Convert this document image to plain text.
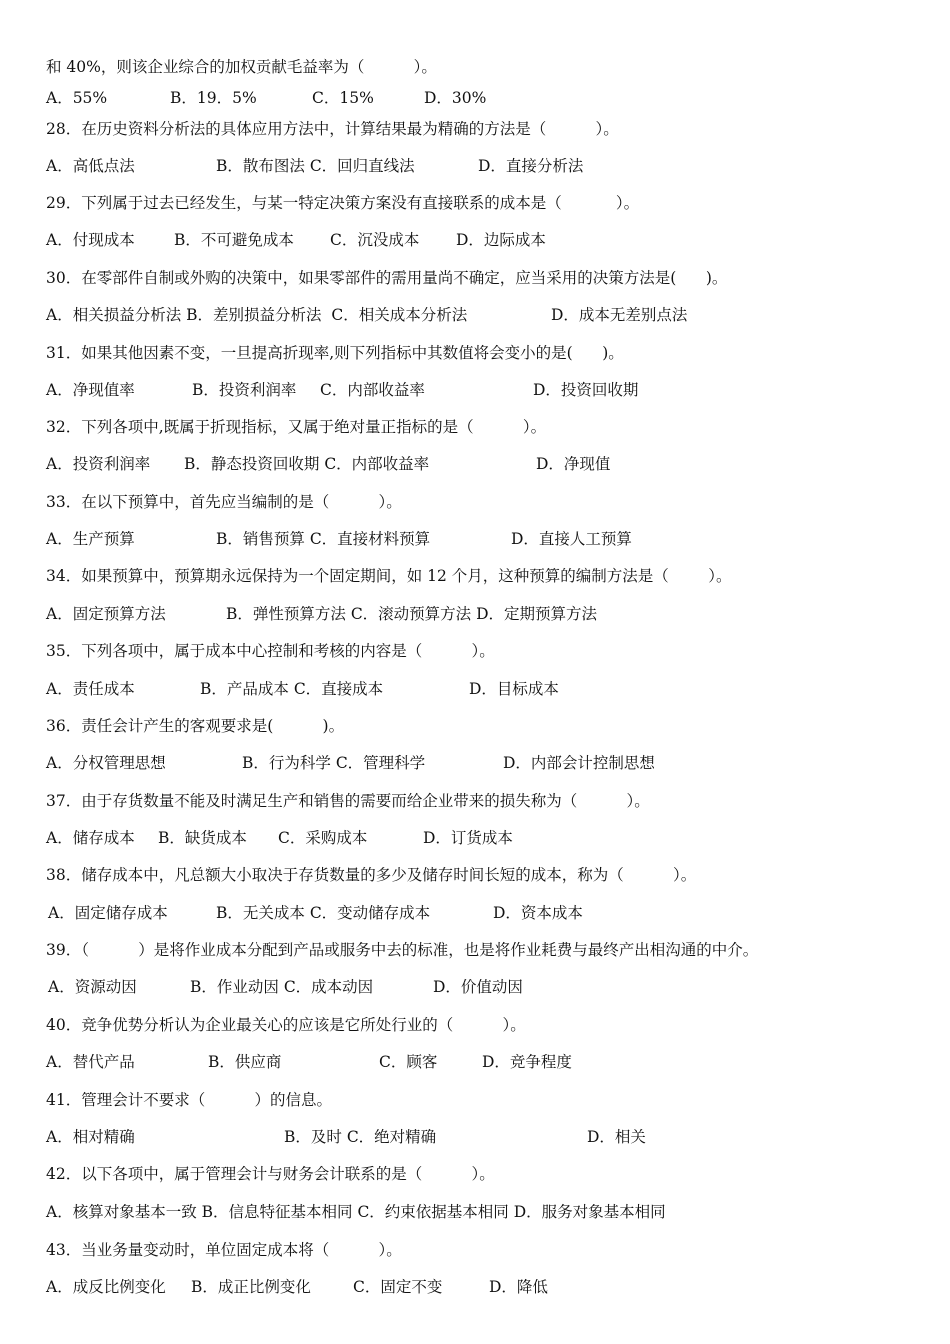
和 40%，则该企业综合的加权贡献毛益率为（          ）。
A．55%	B．19．5%	C．15%	D．30%
28．在历史资料分析法的具体应用方法中，计算结果最为精确的方法是（          ）。
A．高低点法	B．散布图法 C．回归直线法	D．直接分析法
29．下列属于过去已经发生，与某一特定决策方案没有直接联系的成本是（           ）。
A．付现成本	B．不可避免成本 C．沉没成本 D．边际成本
30．在零部件自制或外购的决策中，如果零部件的需用量尚不确定，应当采用的决策方法是(      )。
A．相关损益分析法 B．差别损益分析法  C．相关成本分析法	D．成本无差别点法
31．如果其他因素不变，一旦提高折现率,则下列指标中其数值将会变小的是(      )。
A．净现值率	B．投资利润率 C．内部收益率	D．投资回收期
32．下列各项中,既属于折现指标，又属于绝对量正指标的是（          ）。
A．投资利润率 B．静态投资回收期 C．内部收益率	D．净现值
33．在以下预算中，首先应当编制的是（          ）。
A．生产预算	B．销售预算 C．直接材料预算	D．直接人工预算
34．如果预算中，预算期永远保持为一个固定期间，如 12 个月，这种预算的编制方法是（        ）。
A．固定预算方法	B．弹性预算方法 C．滚动预算方法 D．定期预算方法
35．下列各项中，属于成本中心控制和考核的内容是（          ）。
A．责任成本	B．产品成本 C．直接成本	D．目标成本
36．责任会计产生的客观要求是(          )。
A．分权管理思想	B．行为科学 C．管理科学	D．内部会计控制思想
37．由于存货数量不能及时满足生产和销售的需要而给企业带来的损失称为（          ）。
A．储存成本 B．缺货成本 C．采购成本	D．订货成本
38．储存成本中，凡总额大小取决于存货数量的多少及储存时间长短的成本，称为（          ）。
A．固定储存成本	B．无关成本 C．变动储存成本	D．资本成本
39．（          ）是将作业成本分配到产品或服务中去的标准，也是将作业耗费与最终产出相沟通的中介。
A．资源动因	B．作业动因 C．成本动因	D．价值动因
40．竞争优势分析认为企业最关心的应该是它所处行业的（          ）。
A．替代产品	B．供应商	C．顾客	D．竞争程度
41．管理会计不要求（          ）的信息。
A．相对精确	B．及时 C．绝对精确	D．相关
42．以下各项中，属于管理会计与财务会计联系的是（          ）。
A．核算对象基本一致 B．信息特征基本相同 C．约束依据基本相同 D．服务对象基本相同
43．当业务量变动时，单位固定成本将（          ）。
A．成反比例变化 B．成正比例变化	C．固定不变	D．降低
